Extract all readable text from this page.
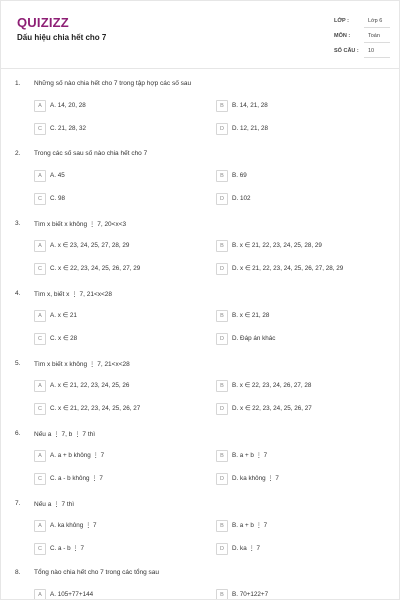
QUIZIZZ
Dấu hiệu chia hết cho 7
LỚP :	Lớp 6
MÔN :	Toán
SỐ CÂU : 10
1. Những số nào chia hết cho 7 trong tập hợp các số sau
A	A. 14, 20, 28	B	B. 14, 21, 28
C	C. 21, 28, 32	D	D. 12, 21, 28
2. Trong các số sau số nào chia hết cho 7
A	A. 45	B	B. 69
C	C. 98	D	D. 102
3. Tìm x biết x không ⋮ 7, 20<x<3
A	A. x ∈ 23, 24, 25, 27, 28, 29	B	B. x ∈ 21, 22, 23, 24, 25, 28, 29
C	C. x ∈ 22, 23, 24, 25, 26, 27, 29	D	D. x ∈ 21, 22, 23, 24, 25, 26, 27, 28, 29
4. Tìm x, biết x ⋮ 7, 21<x<28
A	A. x ∈ 21	B	B. x ∈ 21, 28
C	C. x ∈ 28	D	D. Đáp án khác
5. Tìm x biết x không ⋮ 7, 21<x<28
A	A. x ∈ 21, 22, 23, 24, 25, 26	B	B. x ∈ 22, 23, 24, 26, 27, 28
C	C. x ∈ 21, 22, 23, 24, 25, 26, 27	D	D. x ∈ 22, 23, 24, 25, 26, 27
6. Nếu a ⋮ 7, b ⋮ 7 thì
A	A. a + b không ⋮ 7	B	B. a + b ⋮ 7
C	C. a - b không ⋮ 7	D	D. ka không ⋮ 7
7. Nếu a ⋮ 7 thì
A	A. ka không ⋮ 7	B	B. a + b ⋮ 7
C	C. a - b ⋮ 7	D	D. ka ⋮ 7
8. Tổng nào chia hết cho 7 trong các tổng sau
A	A. 105+77+144	B	B. 70+122+7
